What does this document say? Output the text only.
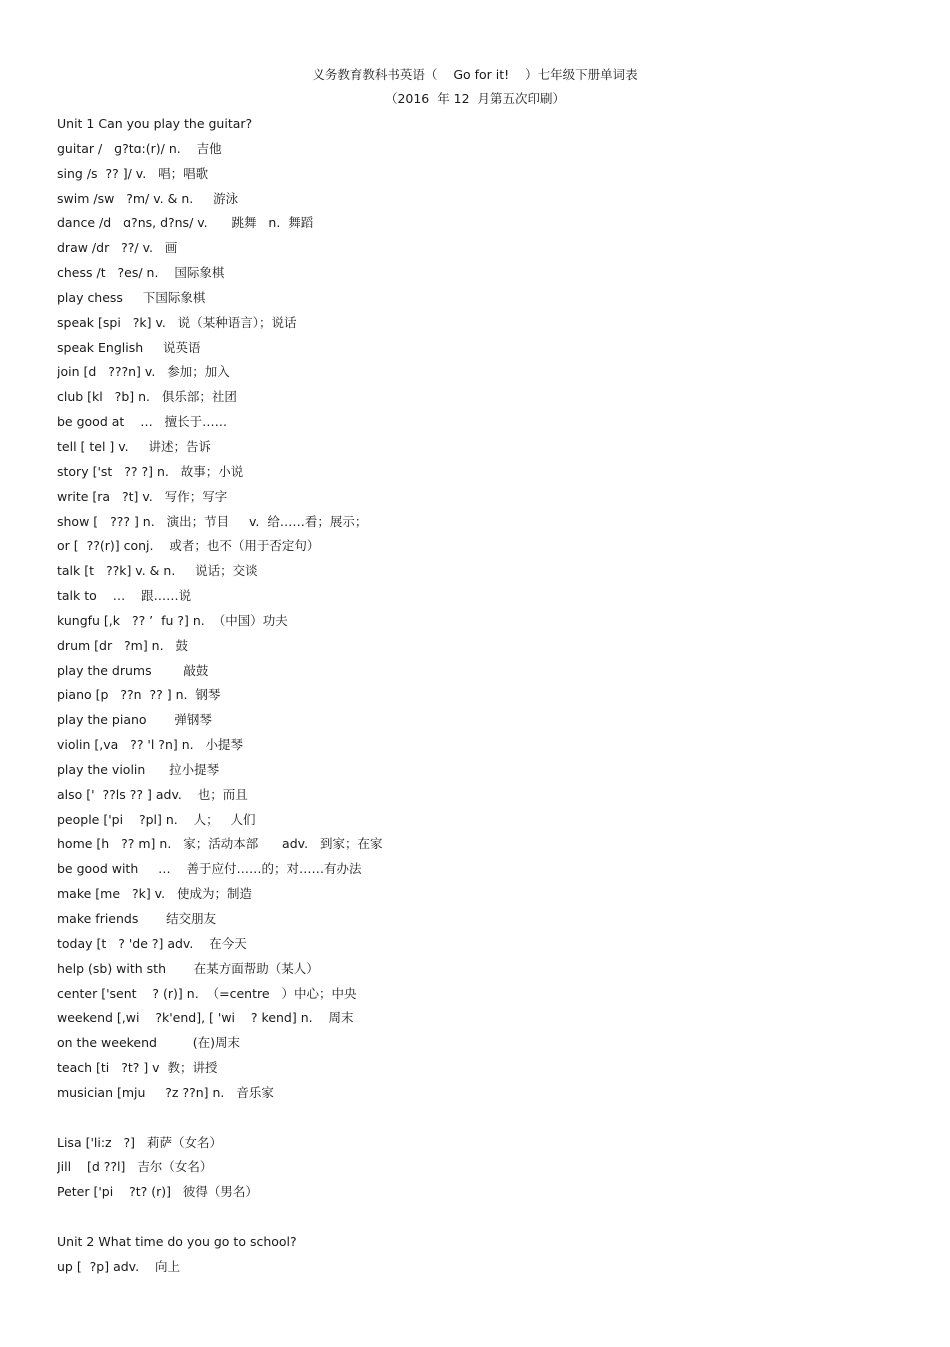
义务教育教科书英语（    Go for it!    ）七年级下册单词表
（2016  年 12  月第五次印刷）
Unit 1 Can you play the guitar?
guitar /   ɡ?tɑ:(r)/ n.    吉他
sing /s  ?? ]/ v.   唱；唱歌
swim /sw   ?m/ v. & n.     游泳
dance /d   ɑ?ns, d?ns/ v.      跳舞   n.  舞蹈
draw /dr   ??/ v.   画
chess /t   ?es/ n.    国际象棋
play chess     下国际象棋
speak [spi   ?k] v.   说（某种语言）；说话
speak English     说英语
join [d   ???n] v.   参加；加入
club [kl   ?b] n.   俱乐部；社团
be good at    …   擅长于……
tell [ tel ] v.     讲述；告诉
story ['st   ?? ?] n.   故事；小说
write [ra   ?t] v.   写作；写字
show [   ??? ] n.   演出；节目     v.  给……看；展示；
or [  ??(r)] conj.    或者；也不（用于否定句）
talk [t   ??k] v. & n.     说话；交谈
talk to    …    跟……说
kungfu [,k   ?? ’  fu ?] n.  （中国）功夫
drum [dr   ?m] n.   鼓
play the drums        敲鼓
piano [p   ??n  ?? ] n.  钢琴
play the piano       弹钢琴
violin [,va   ?? 'l ?n] n.   小提琴
play the violin      拉小提琴
also ['  ??ls ?? ] adv.    也；而且
people ['pi    ?pl] n.    人；   人们
home [h   ?? m] n.   家；活动本部      adv.   到家；在家
be good with     …    善于应付……的；对……有办法
make [me   ?k] v.   使成为；制造
make friends       结交朋友
today [t   ? 'de ?] adv.    在今天
help (sb) with sth       在某方面帮助（某人）
center ['sent    ? (r)] n.  （=centre   ）中心；中央
weekend [,wi    ?k'end], [ 'wi    ? kend] n.    周末
on the weekend         (在)周末
teach [ti   ?t? ] v  教；讲授
musician [mju     ?z ??n] n.   音乐家
Lisa ['li:z   ?]   莉萨（女名）
Jill    [d ??l]   吉尔（女名）
Peter ['pi    ?t? (r)]   彼得（男名）
Unit 2 What time do you go to school?
up [  ?p] adv.    向上
